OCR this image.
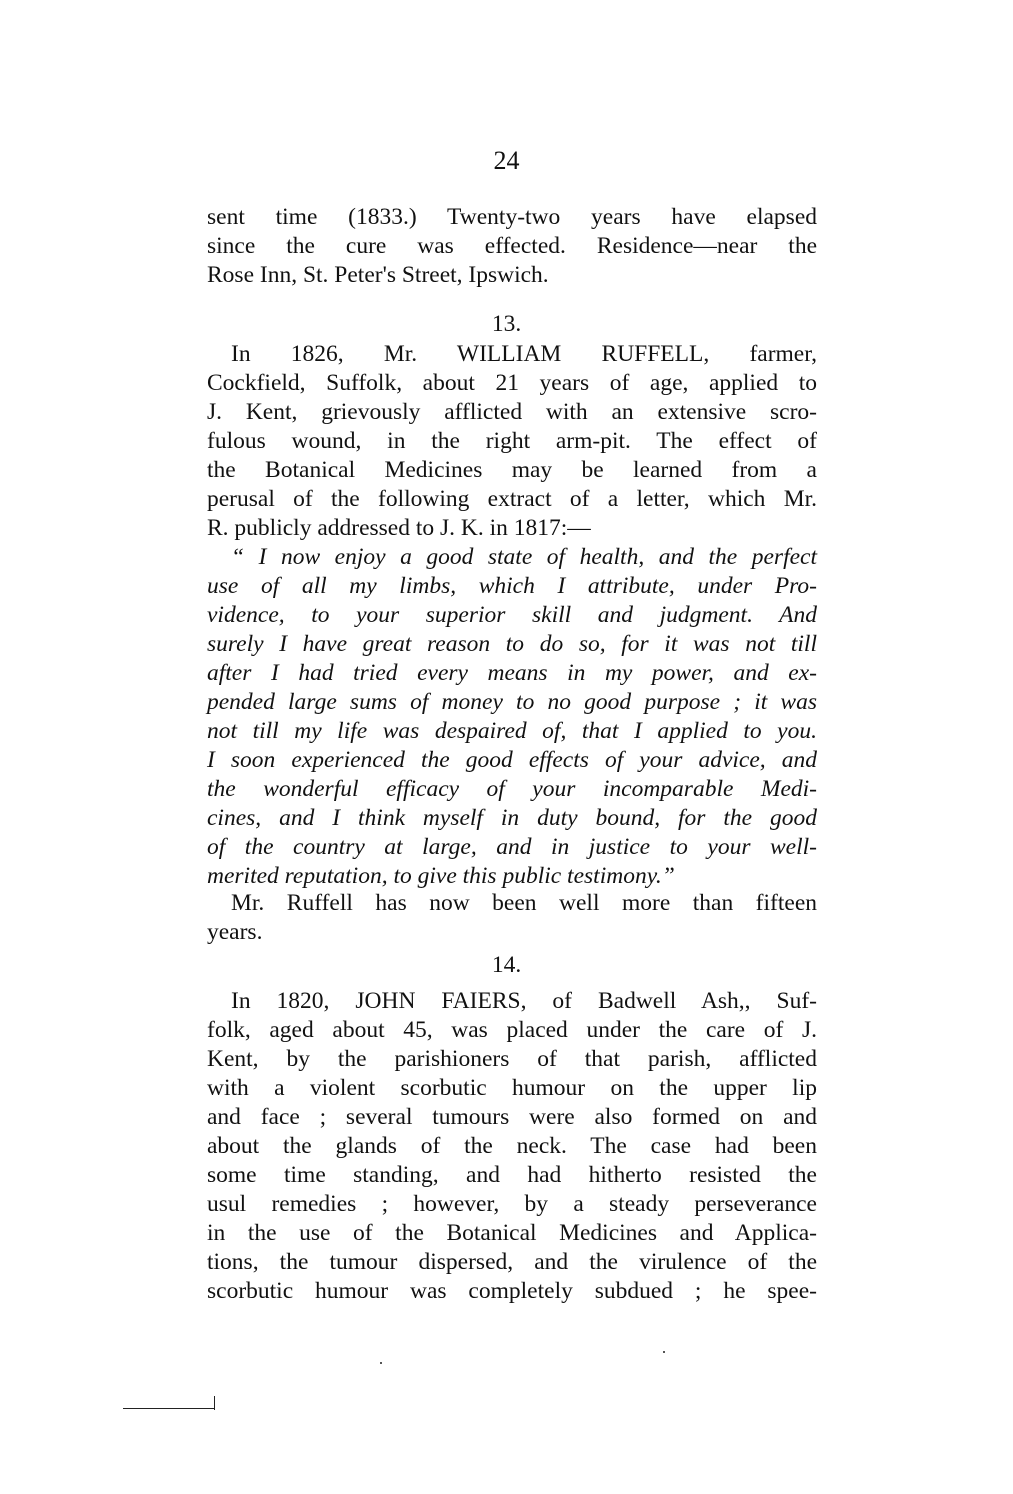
24
sent time (1833.) Twenty-two years have elapsed
since the cure was effected. Residence—near the
Rose Inn, St. Peter's Street, Ipswich.
13.
In 1826, Mr. WILLIAM RUFFELL, farmer,
Cockfield, Suffolk, about 21 years of age, applied to
J. Kent, grievously afflicted with an extensive scro-
fulous wound, in the right arm-pit. The effect of
the Botanical Medicines may be learned from a
perusal of the following extract of a letter, which Mr.
R. publicly addressed to J. K. in 1817:—
“ I now enjoy a good state of health, and the perfect
use of all my limbs, which I attribute, under Pro-
vidence, to your superior skill and judgment. And
surely I have great reason to do so, for it was not till
after I had tried every means in my power, and ex-
pended large sums of money to no good purpose ; it was
not till my life was despaired of, that I applied to you.
I soon experienced the good effects of your advice, and
the wonderful efficacy of your incomparable Medi-
cines, and I think myself in duty bound, for the good
of the country at large, and in justice to your well-
merited reputation, to give this public testimony.”
Mr. Ruffell has now been well more than fifteen
years.
14.
In 1820, JOHN FAIERS, of Badwell Ash,, Suf-
folk, aged about 45, was placed under the care of J.
Kent, by the parishioners of that parish, afflicted
with a violent scorbutic humour on the upper lip
and face ; several tumours were also formed on and
about the glands of the neck. The case had been
some time standing, and had hitherto resisted the
usul remedies ; however, by a steady perseverance
in the use of the Botanical Medicines and Applica-
tions, the tumour dispersed, and the virulence of the
scorbutic humour was completely subdued ; he spee-
